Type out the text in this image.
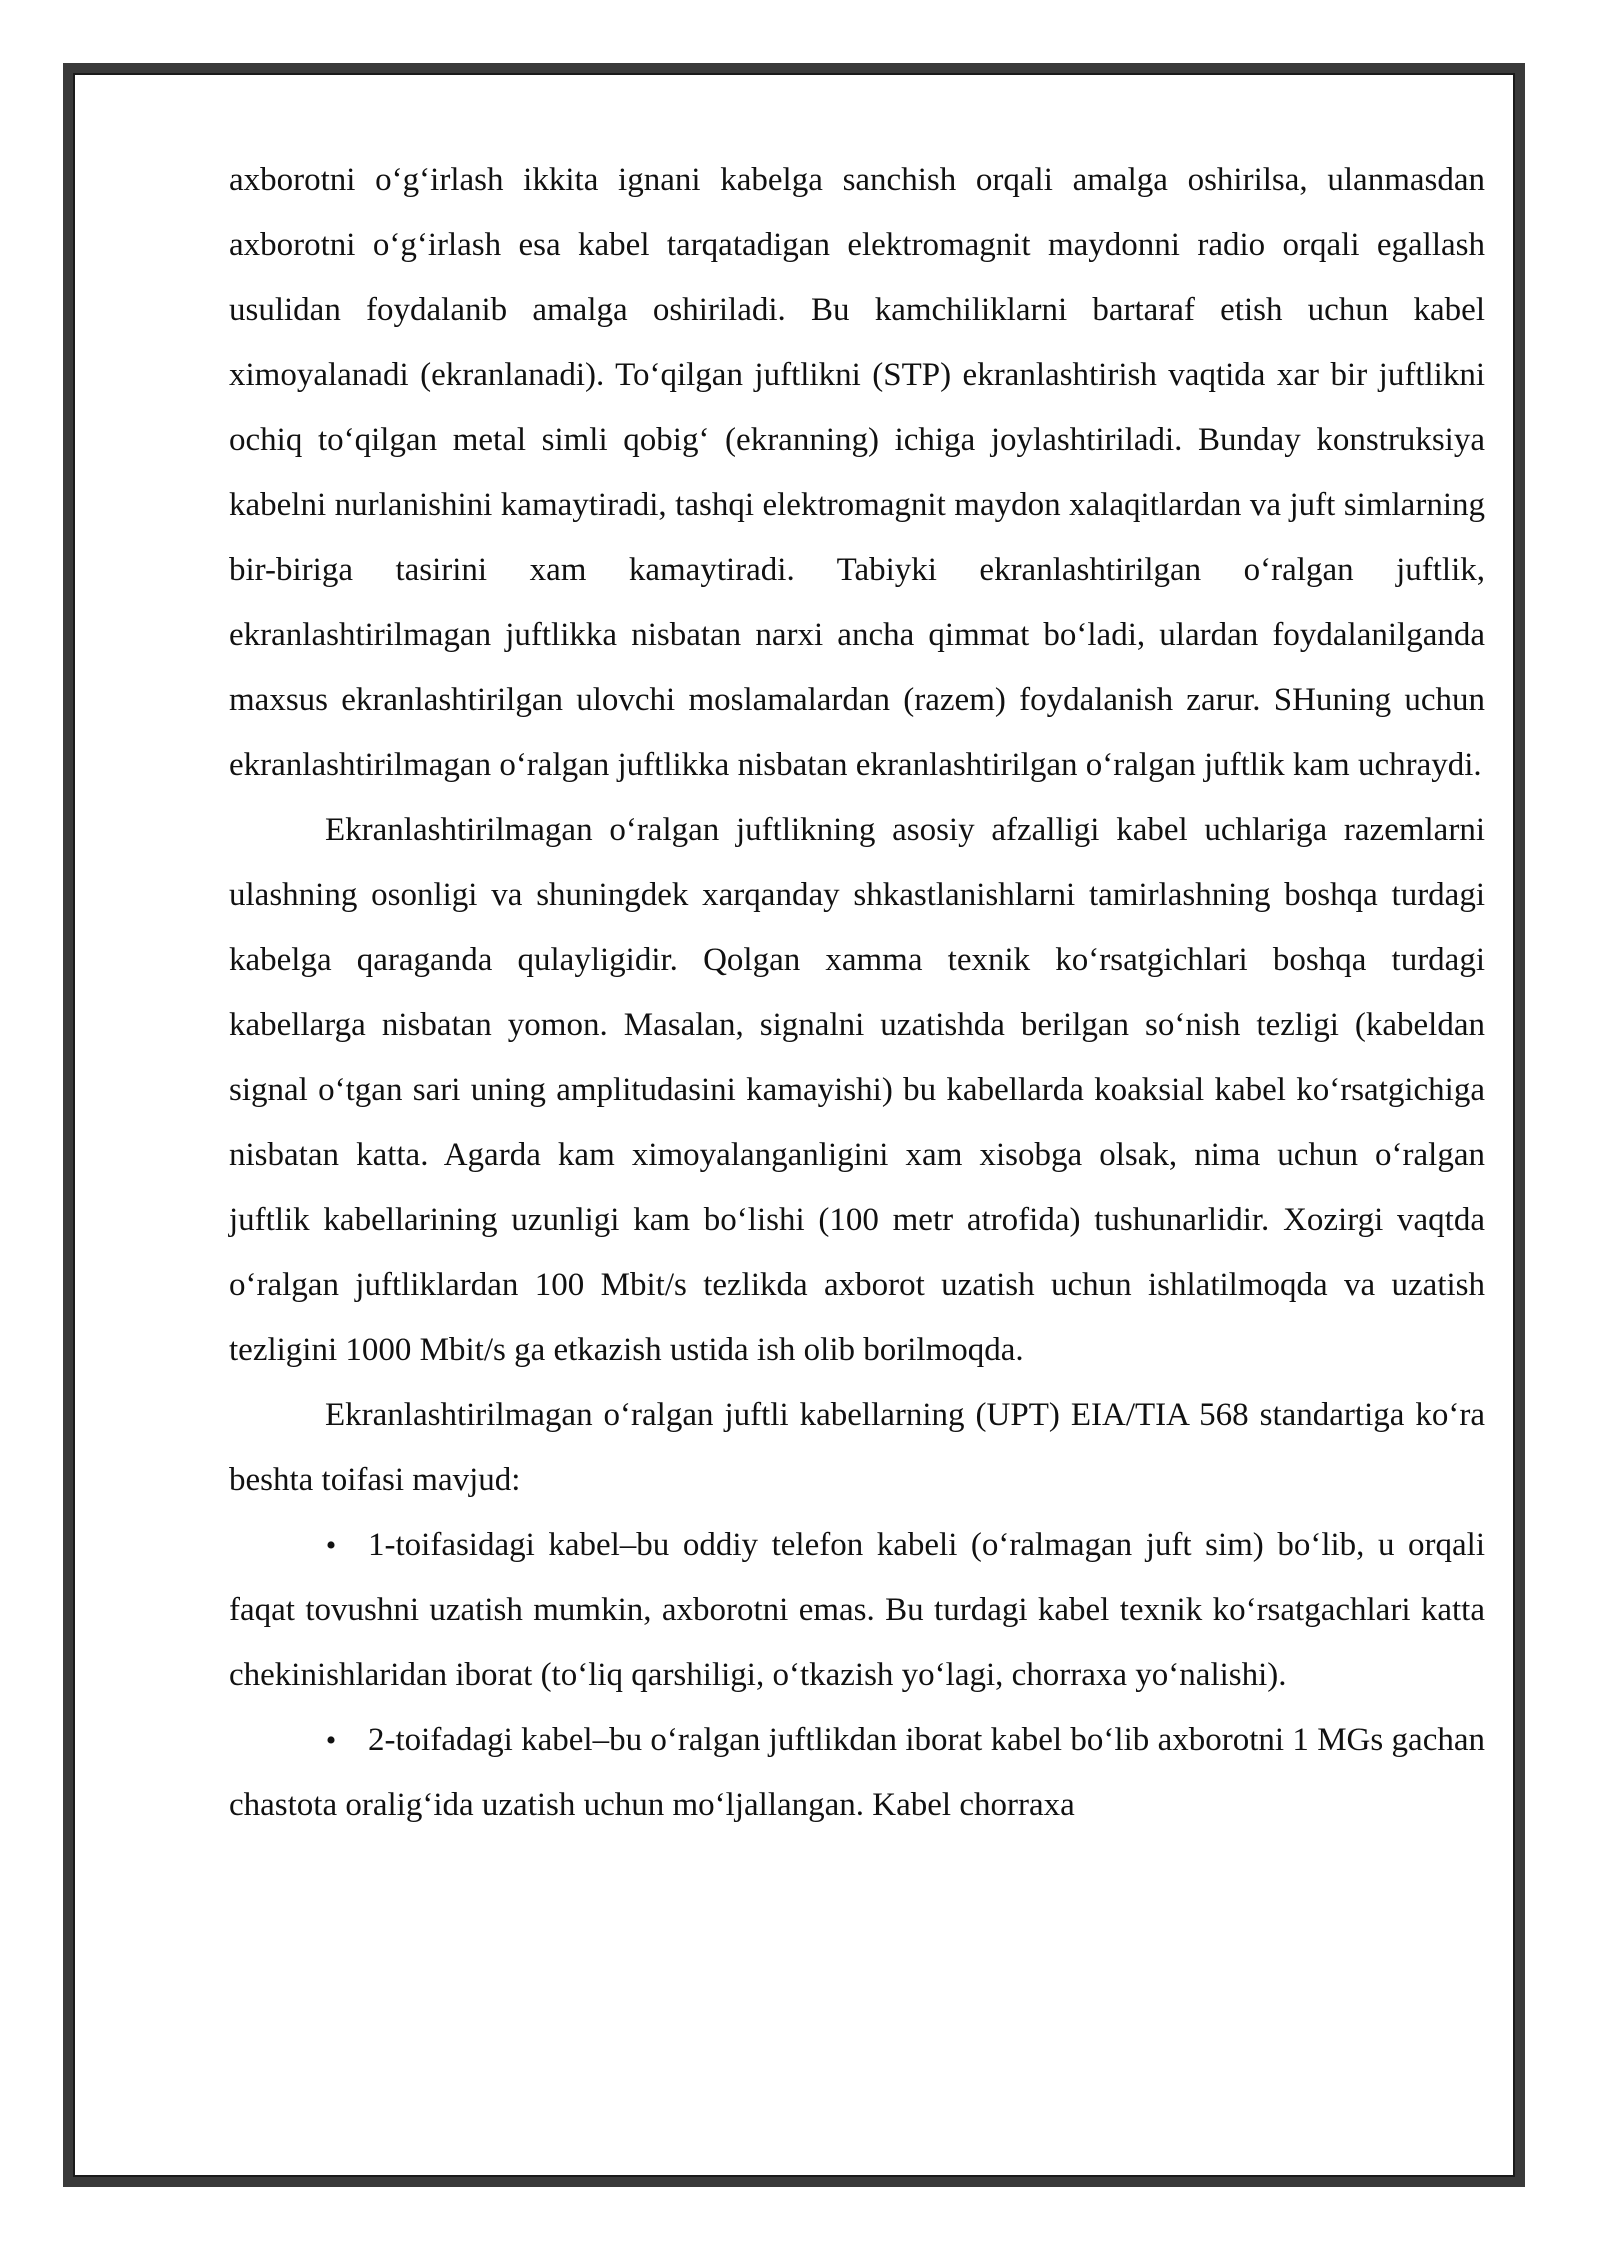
axborotni o‘g‘irlash ikkita ignani kabelga sanchish orqali amalga oshirilsa, ulanmasdan axborotni o‘g‘irlash esa kabel tarqatadigan elektromagnit maydonni radio orqali egallash usulidan foydalanib amalga oshiriladi. Bu kamchiliklarni bartaraf etish uchun kabel ximoyalanadi (ekranlanadi). To‘qilgan juftlikni (STP) ekranlashtirish vaqtida xar bir juftlikni ochiq to‘qilgan metal simli qobig‘ (ekranning) ichiga joylashtiriladi. Bunday konstruksiya kabelni nurlanishini kamaytiradi, tashqi elektromagnit maydon xalaqitlardan va juft simlarning bir-biriga tasirini xam kamaytiradi. Tabiyki ekranlashtirilgan o‘ralgan juftlik, ekranlashtirilmagan juftlikka nisbatan narxi ancha qimmat bo‘ladi, ulardan foydalanilganda maxsus ekranlashtirilgan ulovchi moslamalardan (razem) foydalanish zarur. SHuning uchun ekranlashtirilmagan o‘ralgan juftlikka nisbatan ekranlashtirilgan o‘ralgan juftlik kam uchraydi.

Ekranlashtirilmagan o‘ralgan juftlikning asosiy afzalligi kabel uchlariga razemlarni ulashning osonligi va shuningdek xarqanday shkastlanishlarni tamirlashning boshqa turdagi kabelga qaraganda qulayligidir. Qolgan xamma texnik ko‘rsatgichlari boshqa turdagi kabellarga nisbatan yomon. Masalan, signalni uzatishda berilgan so‘nish tezligi (kabeldan signal o‘tgan sari uning amplitudasini kamayishi) bu kabellarda koaksial kabel ko‘rsatgichiga nisbatan katta. Agarda kam ximoyalanganligini xam xisobga olsak, nima uchun o‘ralgan juftlik kabellarining uzunligi kam bo‘lishi (100 metr atrofida) tushunarlidir. Xozirgi vaqtda o‘ralgan juftliklardan 100 Mbit/s tezlikda axborot uzatish uchun ishlatilmoqda va uzatish tezligini 1000 Mbit/s ga etkazish ustida ish olib borilmoqda.

Ekranlashtirilmagan o‘ralgan juftli kabellarning (UPT) EIA/TIA 568 standartiga ko‘ra beshta toifasi mavjud:

• 1-toifasidagi kabel–bu oddiy telefon kabeli (o‘ralmagan juft sim) bo‘lib, u orqali faqat tovushni uzatish mumkin, axborotni emas. Bu turdagi kabel texnik ko‘rsatgachlari katta chekinishlaridan iborat (to‘liq qarshiligi, o‘tkazish yo‘lagi, chorraxa yo‘nalishi).

• 2-toifadagi kabel–bu o‘ralgan juftlikdan iborat kabel bo‘lib axborotni 1 MGs gachan chastota oralig‘ida uzatish uchun mo‘ljallangan. Kabel chorraxa
